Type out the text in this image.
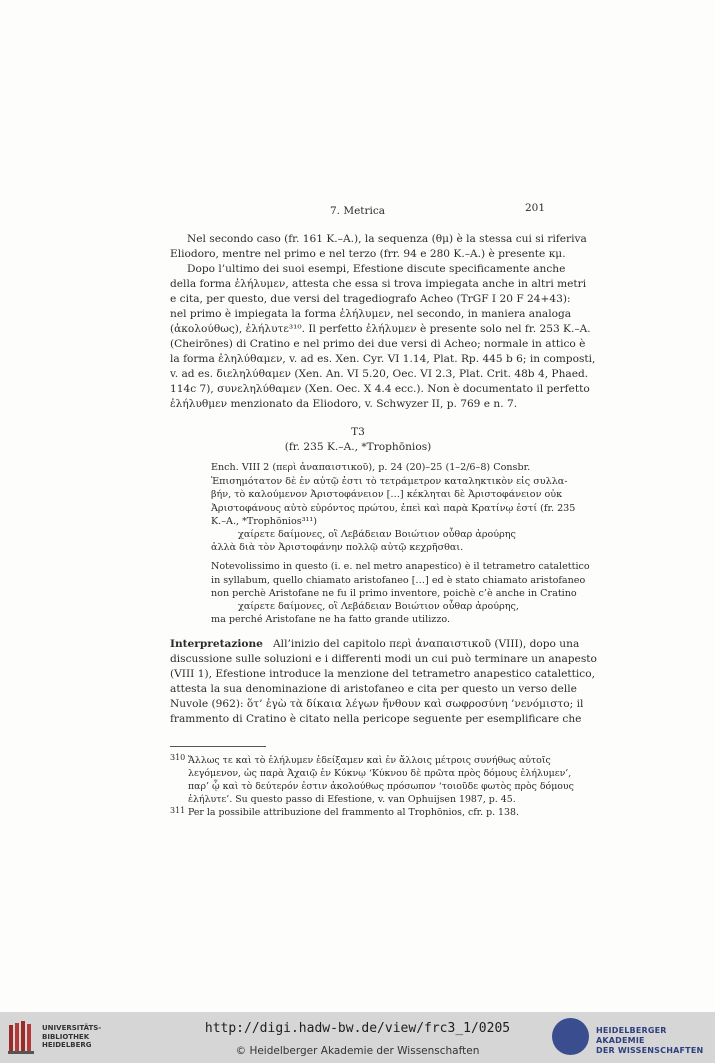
7. Metrica	201
Nel secondo caso (fr. 161 K.–A.), la sequenza (θμ) è la stessa cui si riferiva
Eliodoro, mentre nel primo e nel terzo (frr. 94 e 280 K.–A.) è presente κμ.
Dopo l’ultimo dei suoi esempi, Efestione discute specificamente anche
della forma ἐλήλυμεν, attesta che essa si trova impiegata anche in altri metri
e cita, per questo, due versi del tragediografo Acheo (TrGF I 20 F 24+43):
nel primo è impiegata la forma ἐλήλυμεν, nel secondo, in maniera analoga
(ἀκολούθως), ἐλήλυτε³¹⁰. Il perfetto ἐλήλυμεν è presente solo nel fr. 253 K.–A.
(Cheirōnes) di Cratino e nel primo dei due versi di Acheo; normale in attico è
la forma ἐληλύθαμεν, v. ad es. Xen. Cyr. VI 1.14, Plat. Rp. 445 b 6; in composti,
v. ad es. διεληλύθαμεν (Xen. An. VI 5.20, Oec. VI 2.3, Plat. Crit. 48b 4, Phaed.
114c 7), συνεληλύθαμεν (Xen. Oec. X 4.4 ecc.). Non è documentato il perfetto
ἐλήλυθμεν menzionato da Eliodoro, v. Schwyzer II, p. 769 e n. 7.
T3
(fr. 235 K.–A., *Trophōnios)
Ench. VIII 2 (περὶ ἀναπαιστικοῦ), p. 24 (20)–25 (1–2/6–8) Consbr.
Ἐπισημότατον δὲ ἐν αὐτῷ ἐστι τὸ τετράμετρον καταληκτικὸν εἰς συλλα-
βήν, τὸ καλούμενον Ἀριστοφάνειον […] κέκληται δὲ Ἀριστοφάνειον οὐκ
Ἀριστοφάνους αὐτὸ εὑρόντος πρώτου, ἐπεὶ καὶ παρὰ Κρατίνῳ ἐστί (fr. 235
K.–A., *Trophōnios³¹¹)
χαίρετε δαίμονες, οἳ Λεβάδειαν Βοιώτιον οὖθαρ ἀρούρης
ἀλλὰ διὰ τὸν Ἀριστοφάνην πολλῷ αὐτῷ κεχρῆσθαι.
Notevolissimo in questo (i. e. nel metro anapestico) è il tetrametro catalettico
in syllabum, quello chiamato aristofaneo […] ed è stato chiamato aristofaneo
non perchè Aristofane ne fu il primo inventore, poichè c’è anche in Cratino
χαίρετε δαίμονες, οἳ Λεβάδειαν Βοιώτιον οὖθαρ ἀρούρης,
ma perché Aristofane ne ha fatto grande utilizzo.
Interpretazione All’inizio del capitolo περὶ ἀναπαιστικοῦ (VIII), dopo una
discussione sulle soluzioni e i differenti modi un cui può terminare un anapesto
(VIII 1), Efestione introduce la menzione del tetrametro anapestico catalettico,
attesta la sua denominazione di aristofaneo e cita per questo un verso delle
Nuvole (962): ὅτ’ ἐγὼ τὰ δίκαια λέγων ἤνθουν καὶ σωφροσύνη ’νενόμιστο; il
frammento di Cratino è citato nella pericope seguente per esemplificare che
310 Ἄλλως τε καὶ τὸ ἐλήλυμεν ἐδείξαμεν καὶ ἐν ἄλλοις μέτροις συνήθως αὐτοῖς
λεγόμενον, ὡς παρὰ Ἀχαιῷ ἐν Κύκνῳ ‘Κύκνου δὲ πρῶτα πρὸς δόμους ἐλήλυμεν’,
παρ’ ᾧ καὶ τὸ δεύτερόν ἐστιν ἀκολούθως πρόσωπον ‘τοιοῦδε φωτὸς πρὸς δόμους
ἐλήλυτε’. Su questo passo di Efestione, v. van Ophuijsen 1987, p. 45.
311 Per la possibile attribuzione del frammento al Trophōnios, cfr. p. 138.
UNIVERSITÄTS-
BIBLIOTHEK
HEIDELBERG
http://digi.hadw-bw.de/view/frc3_1/0205
© Heidelberger Akademie der Wissenschaften
HEIDELBERGER AKADEMIE
DER WISSENSCHAFTEN
